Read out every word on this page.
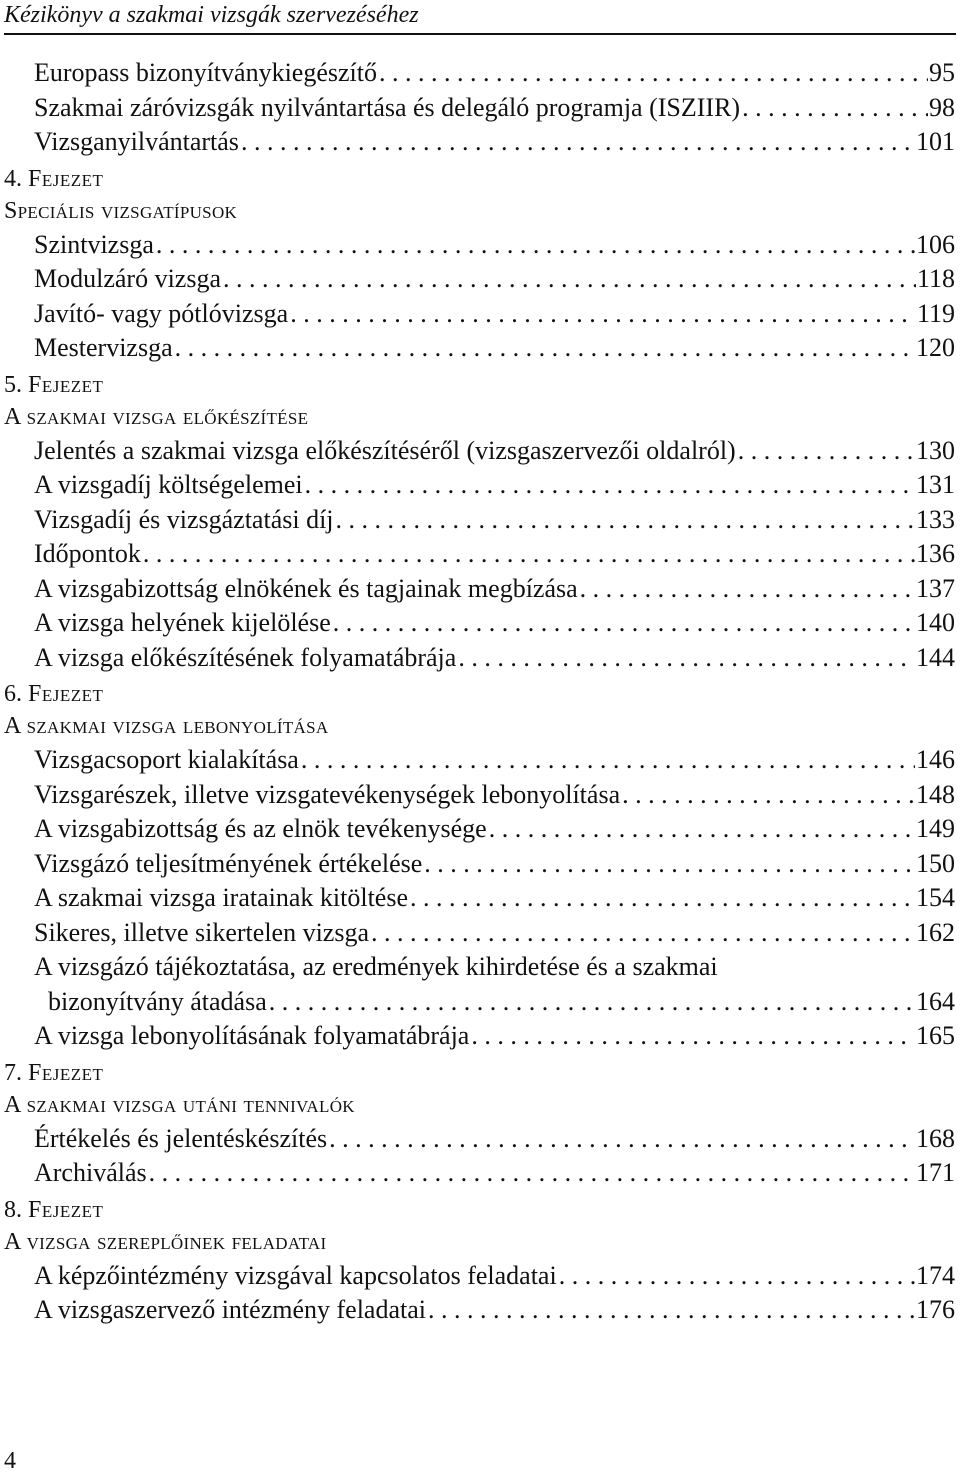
Kézikönyv a szakmai vizsgák szervezéséhez
Europass bizonyítványkiegészítő . . .	95
Szakmai záróvizsgák nyilvántartása és delegáló programja (ISZIIR) . . .	98
Vizsganyilvántartás . . .	101
4. Fejezet
Speciális vizsgatípusok
Szintvizsga . . .	106
Modulzáró vizsga . . .	118
Javító- vagy pótlóvizsga . . .	119
Mestervizsga . . .	120
5. Fejezet
A szakmai vizsga előkészítése
Jelentés a szakmai vizsga előkészítéséről (vizsgaszervezői oldalról) . . .	130
A vizsgadíj költségelemei . . .	131
Vizsgadíj és vizsgáztatási díj . . .	133
Időpontok . . .	136
A vizsgabizottság elnökének és tagjainak megbízása . . .	137
A vizsga helyének kijelölése . . .	140
A vizsga előkészítésének folyamatábrája . . .	144
6. Fejezet
A szakmai vizsga lebonyolítása
Vizsgacsoport kialakítása . . .	146
Vizsgarészek, illetve vizsgatevékenységek lebonyolítása . . .	148
A vizsgabizottság és az elnök tevékenysége . . .	149
Vizsgázó teljesítményének értékelése . . .	150
A szakmai vizsga iratainak kitöltése . . .	154
Sikeres, illetve sikertelen vizsga . . .	162
A vizsgázó tájékoztatása, az eredmények kihirdetése és a szakmai
bizonyítvány átadása . . .	164
A vizsga lebonyolításának folyamatábrája . . .	165
7. Fejezet
A szakmai vizsga utáni tennivalók
Értékelés és jelentéskészítés . . .	168
Archiválás . . .	171
8. Fejezet
A vizsga szereplőinek feladatai
A képzőintézmény vizsgával kapcsolatos feladatai . . .	174
A vizsgaszervező intézmény feladatai . . .	176
4
